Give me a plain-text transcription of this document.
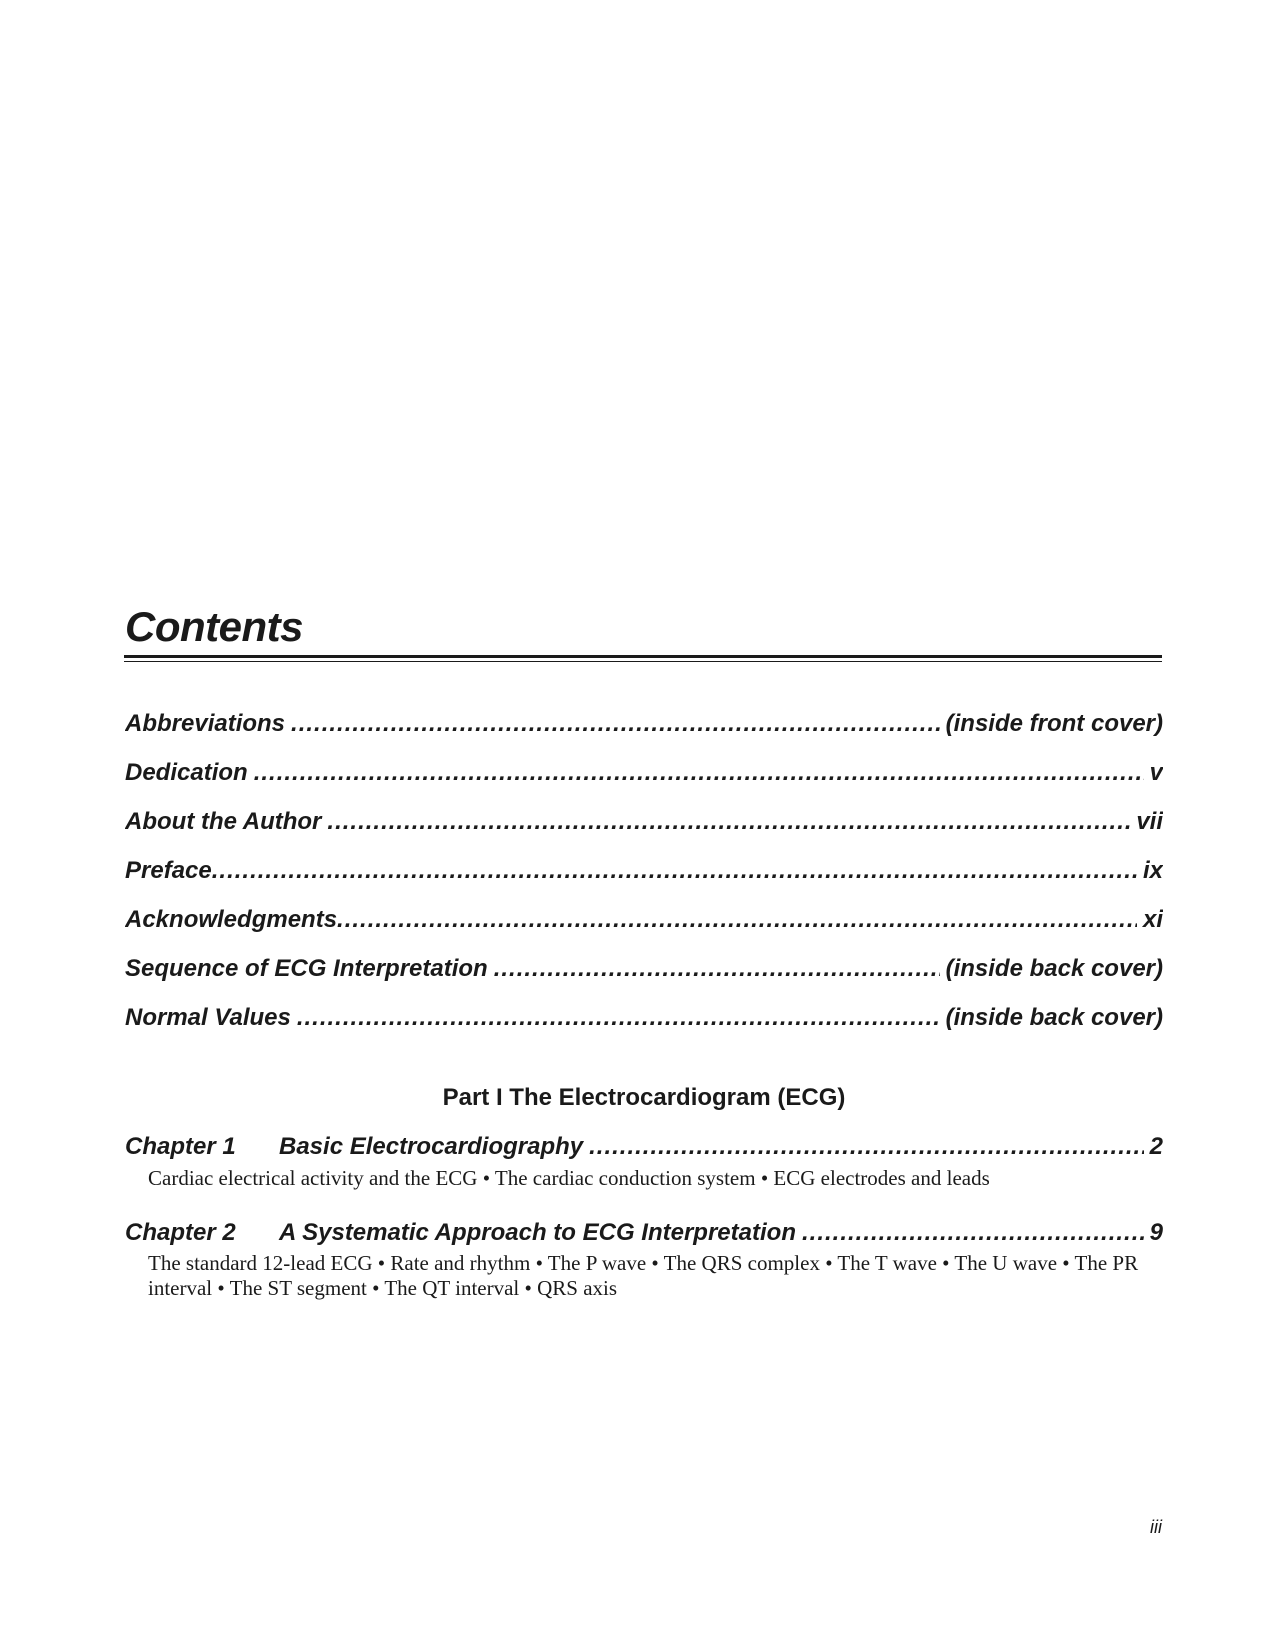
Contents
Abbreviations .....	(inside front cover)
Dedication .....	v
About the Author .....	vii
Preface .....	ix
Acknowledgments .....	xi
Sequence of ECG Interpretation .....	(inside back cover)
Normal Values .....	(inside back cover)
Part I The Electrocardiogram (ECG)
Chapter 1	Basic Electrocardiography .....	2

Cardiac electrical activity and the ECG • The cardiac conduction system • ECG electrodes and leads

Chapter 2	A Systematic Approach to ECG Interpretation .....	9

The standard 12-lead ECG • Rate and rhythm • The P wave • The QRS complex • The T wave • The U wave • The PR interval • The ST segment • The QT interval • QRS axis

iii
